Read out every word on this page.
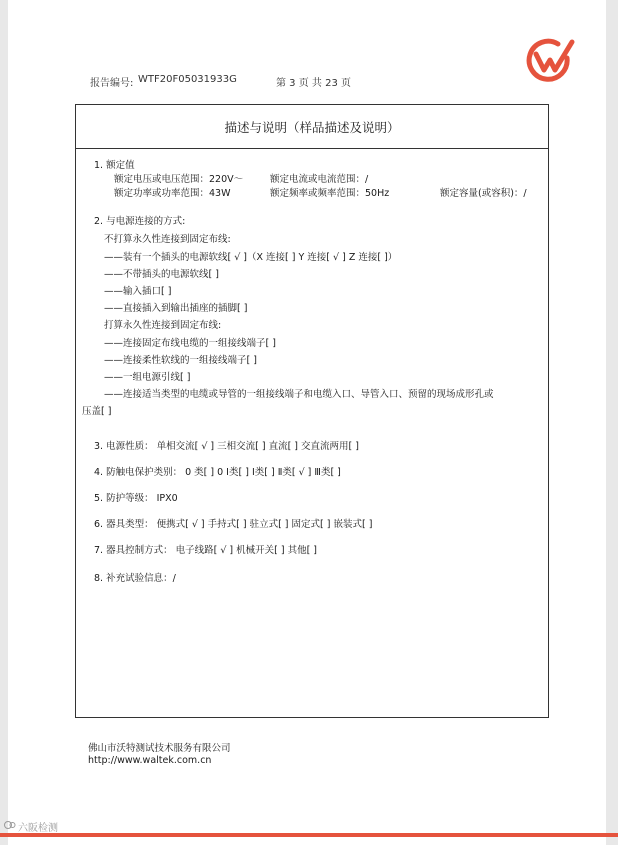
报告编号: WTF20F05031933G	第 3 页 共 23 页
描述与说明（样品描述及说明）
1. 额定值
额定电压或电压范围：220V～	额定电流或电流范围：/
额定功率或功率范围：43W	额定频率或频率范围：50Hz	额定容量(或容积)：/
2. 与电源连接的方式:
不打算永久性连接到固定布线:
——装有一个插头的电源软线[ √ ]（X 连接[ ] Y 连接[ √ ] Z 连接[ ]）
——不带插头的电源软线[ ]
——输入插口[ ]
——直接插入到输出插座的插脚[ ]
打算永久性连接到固定布线:
——连接固定布线电缆的一组接线端子[ ]
——连接柔性软线的一组接线端子[ ]
——一组电源引线[ ]
——连接适当类型的电缆或导管的一组接线端子和电缆入口、导管入口、预留的现场成形孔或
压盖[ ]
3. 电源性质： 单相交流[ √ ] 三相交流[ ] 直流[ ] 交直流两用[ ]
4. 防触电保护类别： 0 类[ ] 0 Ⅰ类[ ] Ⅰ类[ ] Ⅱ类[ √ ] Ⅲ类[ ]
5. 防护等级： IPX0
6. 器具类型： 便携式[ √ ] 手持式[ ] 驻立式[ ] 固定式[ ] 嵌装式[ ]
7. 器具控制方式： 电子线路[ √ ] 机械开关[ ] 其他[ ]
8. 补充试验信息：/
佛山市沃特测试技术服务有限公司
http://www.waltek.com.cn
六阪检测
